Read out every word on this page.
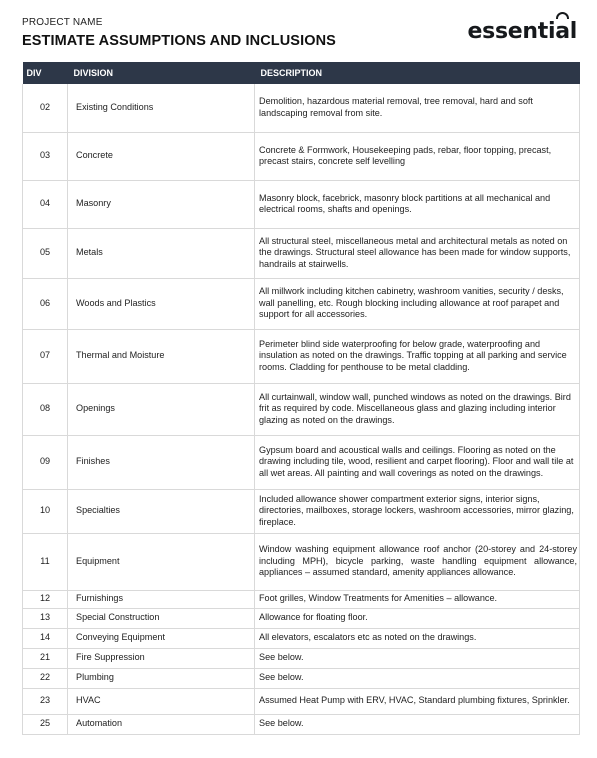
PROJECT NAME
ESTIMATE ASSUMPTIONS AND INCLUSIONS	essential
DIV	DIVISION	DESCRIPTION
02	Existing Conditions	Demolition, hazardous material removal, tree removal, hard and soft landscaping removal from site.
03	Concrete	Concrete & Formwork, Housekeeping pads, rebar, floor topping, precast, precast stairs, concrete self levelling
04	Masonry	Masonry block, facebrick, masonry block partitions at all mechanical and electrical rooms, shafts and openings.
05	Metals	All structural steel, miscellaneous metal and architectural metals as noted on the drawings. Structural steel allowance has been made for window supports, handrails at stairwells.
06	Woods and Plastics	All millwork including kitchen cabinetry, washroom vanities, security / desks, wall panelling, etc. Rough blocking including allowance at roof parapet and support for all accessories.
07	Thermal and Moisture	Perimeter blind side waterproofing for below grade, waterproofing and insulation as noted on the drawings. Traffic topping at all parking and service rooms. Cladding for penthouse to be metal cladding.
08	Openings	All curtainwall, window wall, punched windows as noted on the drawings. Bird frit as required by code. Miscellaneous glass and glazing including interior glazing as noted on the drawings.
09	Finishes	Gypsum board and acoustical walls and ceilings. Flooring as noted on the drawing including tile, wood, resilient and carpet flooring). Floor and wall tile at all wet areas. All painting and wall coverings as noted on the drawings.
10	Specialties	Included allowance shower compartment exterior signs, interior signs, directories, mailboxes, storage lockers, washroom accessories, mirror glazing, fireplace.
11	Equipment	Window washing equipment allowance roof anchor (20-storey and 24-storey including MPH), bicycle parking, waste handling equipment allowance, appliances – assumed standard, amenity appliances allowance.
12	Furnishings	Foot grilles, Window Treatments for Amenities – allowance.
13	Special Construction	Allowance for floating floor.
14	Conveying Equipment	All elevators, escalators etc as noted on the drawings.
21	Fire Suppression	See below.
22	Plumbing	See below.
23	HVAC	Assumed Heat Pump with ERV, HVAC, Standard plumbing fixtures, Sprinkler.
25	Automation	See below.
